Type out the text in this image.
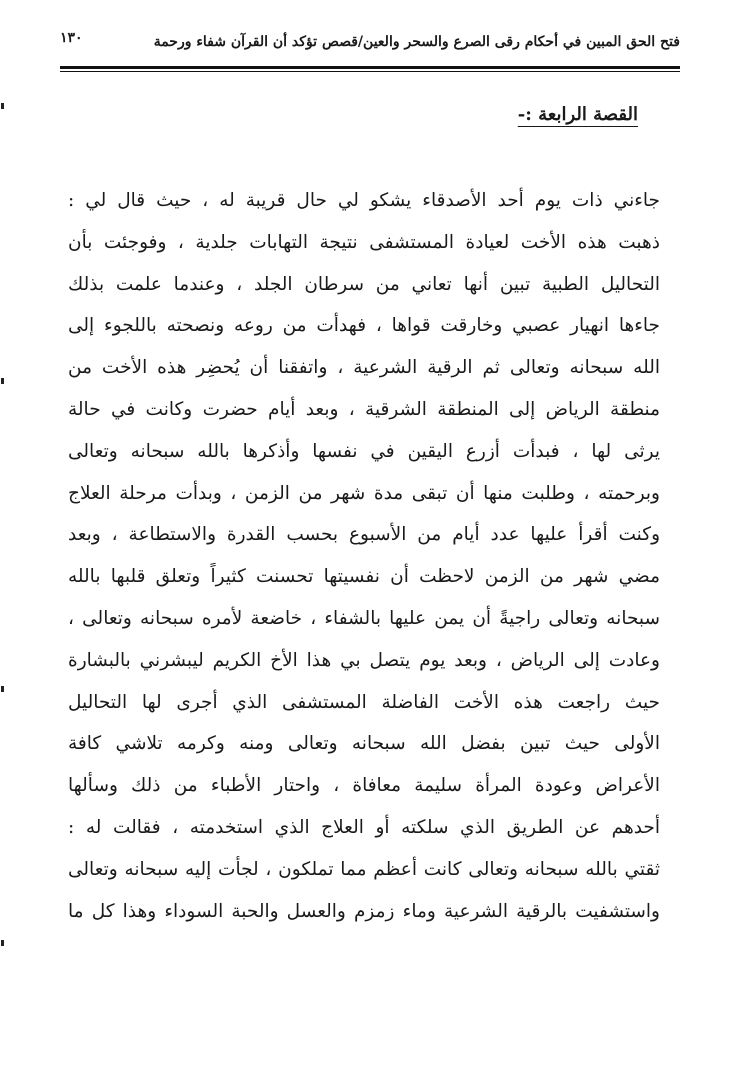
فتح الحق المبين في أحكام رقى الصرع والسحر والعين/قصص تؤكد أن القرآن شفاء ورحمة
١٣٠
القصة الرابعة :-
جاءني ذات يوم أحد الأصدقاء يشكو لي حال قريبة له ، حيث قال لي :
ذهبت هذه الأخت لعيادة المستشفى نتيجة التهابات جلدية ، وفوجئت بأن
التحاليل الطبية تبين أنها تعاني من سرطان الجلد ، وعندما علمت بذلك
جاءها انهيار عصبي وخارقت قواها ، فهدأت من روعه ونصحته باللجوء إلى
الله سبحانه وتعالى ثم الرقية الشرعية ، واتفقنا أن يُحضِر هذه الأخت من
منطقة الرياض إلى المنطقة الشرقية ، وبعد أيام حضرت وكانت في حالة
يرثى لها ، فبدأت أزرع اليقين في نفسها وأذكرها بالله سبحانه وتعالى
وبرحمته ، وطلبت منها أن تبقى مدة شهر من الزمن ، وبدأت مرحلة العلاج
وكنت أقرأ عليها عدد أيام من الأسبوع بحسب القدرة والاستطاعة ، وبعد
مضي شهر من الزمن لاحظت أن نفسيتها تحسنت كثيراً وتعلق قلبها بالله
سبحانه وتعالى راجيةً أن يمن عليها بالشفاء ، خاضعة لأمره سبحانه وتعالى ،
وعادت إلى الرياض ، وبعد يوم يتصل بي هذا الأخ الكريم ليبشرني بالبشارة
حيث راجعت هذه الأخت الفاضلة المستشفى الذي أجرى لها التحاليل
الأولى حيث تبين بفضل الله سبحانه وتعالى ومنه وكرمه تلاشي كافة
الأعراض وعودة المرأة سليمة معافاة ، واحتار الأطباء من ذلك وسألها
أحدهم عن الطريق الذي سلكته أو العلاج الذي استخدمته ، فقالت له :
ثقتي بالله سبحانه وتعالى كانت أعظم مما تملكون ، لجأت إليه سبحانه وتعالى
واستشفيت بالرقية الشرعية وماء زمزم والعسل والحبة السوداء وهذا كل ما
